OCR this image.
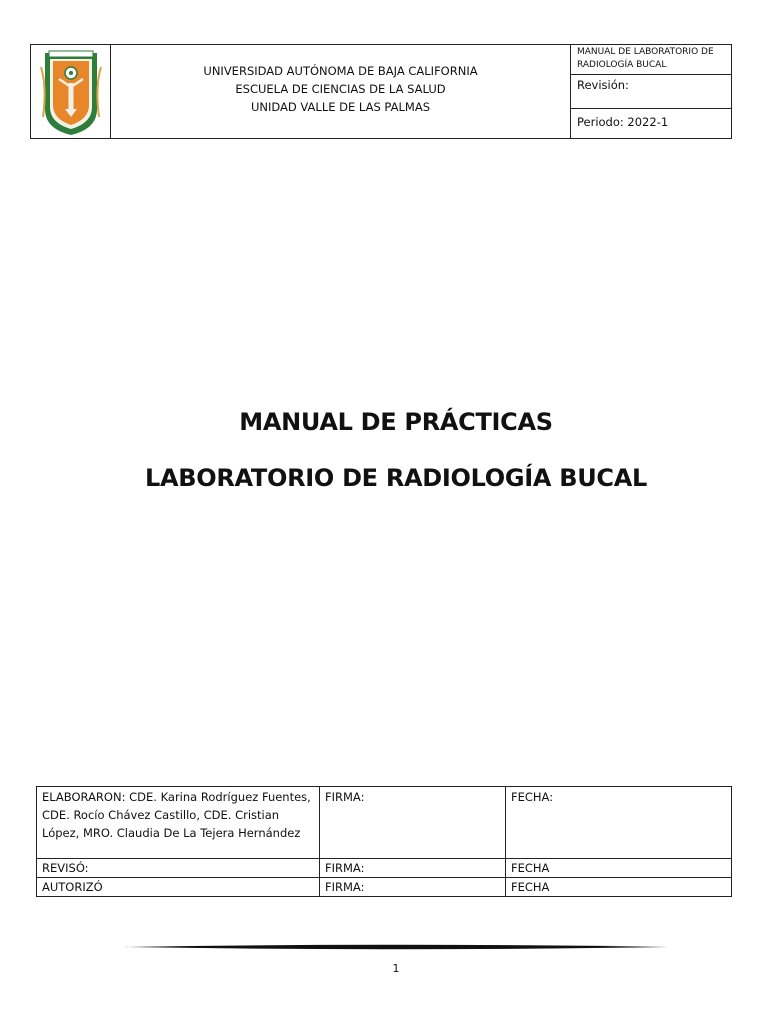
UNIVERSIDAD AUTÓNOMA DE BAJA CALIFORNIA
ESCUELA DE CIENCIAS DE LA SALUD
UNIDAD VALLE DE LAS PALMAS
MANUAL DE LABORATORIO DE RADIOLOGÍA BUCAL
Revisión:
Periodo: 2022-1
MANUAL DE PRÁCTICAS
LABORATORIO DE RADIOLOGÍA BUCAL
ELABORARON: CDE. Karina Rodríguez Fuentes, CDE. Rocío Chávez Castillo, CDE. Cristian López, MRO. Claudia De La Tejera Hernández	FIRMA:	FECHA:
REVISÓ:	FIRMA:	FECHA
AUTORIZÓ	FIRMA:	FECHA
1
